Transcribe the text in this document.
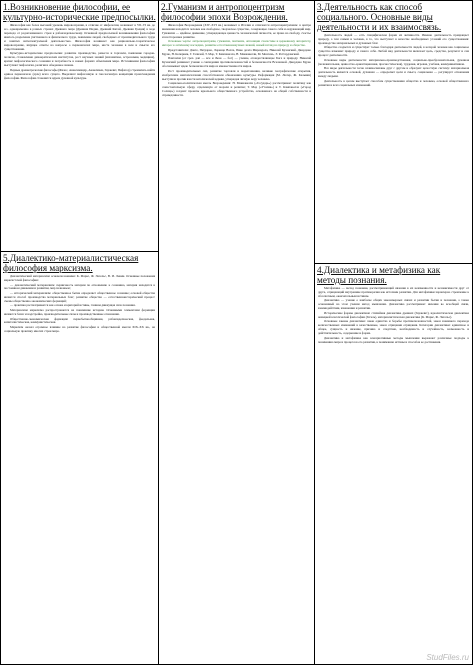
1.Возникновение философии, ее культурно-исторические предпосылки.

Философия как более высокий уровень мировоззрения, в отличие от мифологии, возникает в VII–VI вв. до н.э. одновременно в разных странах Древнего мира (Древняя Индия, Древний Китай, Древняя Греция) в ходе перехода от родоплеменного строя к рабовладельческому. Основной предпосылкой возникновения философии явилось разделение умственного и физического труда, появление людей, свободных от производительного труда и занятых интеллектуальной деятельностью. Философия возникает как рационально-теоретическое мировоззрение, ищущее ответы на вопросы о первоначалах мира, месте человека в нем и смысле его существования.

Культурно-исторические предпосылки: развитие производства, ремесла и торговли, появление городов-полисов, становление демократических институтов, рост научных знаний (математика, астрономия, медицина), кризис мифологического сознания и потребность в новых формах объяснения мира. Источниками философии выступают мифология, религия и обыденное знание.

Первые древнегреческие философы (Фалес, Анаксимандр, Анаксимен, Гераклит, Пифагор) стремились найти единое первоначало (архе) всего сущего. Выделяют мифогенную и гносеогенную концепции происхождения философии. Философия становится ядром духовной культуры.

5.Диалектико-материалистическая философия марксизма.

Диалектический материализм основоположники: К. Маркс, Ф. Энгельс, В. И. Ленин. Основные положения марксистской философии:

— диалектический материализм: первичность материи по отношению к сознанию, материя находится в постоянном движении и развитии, мир познаваем;

— исторический материализм: общественное бытие определяет общественное сознание; основой общества является способ производства материальных благ; развитие общества — естественноисторический процесс смены общественно-экономических формаций;

— практика рассматривается как основа и критерий истины, главная движущая сила познания.

Материализм марксизма распространяется на понимание истории. Основными элементами формации являются базис и надстройка, производительные силы и производственные отношения.

Общественно-экономические формации: первобытнообщинная, рабовладельческая, феодальная, капиталистическая, коммунистическая.

Марксизм оказал огромное влияние на развитие философии и общественной мысли XIX–XX вв., на социальную практику многих стран мира.

2.Гуманизм и антропоцентризм философии эпохи Возрождения.

Философия Возрождения (XIV–XVI вв.) возникает в Италии и отличается антропоцентризмом: в центре внимания находится человек как свободное, творческое существо, созидающее самого себя и окружающий мир. Гуманизм — идейное движение, утверждающее ценность человеческой личности, ее право на свободу, счастье и всестороннее развитие.

Основные черты: антропоцентризм, гуманизм, пантеизм, оппозиция схоластике и церковному авторитету, интерес к античному наследию, развитие естественнонаучных знаний, новый взгляд на природу и общество.

Представители: Данте, Петрарка, Лоренцо Валла, Пико делла Мирандола, Николай Кузанский, Джордано Бруно, Н. Коперник, Г. Галилей, Т. Мор, Т. Кампанелла, Н. Макиавелли, М. Монтень, Э. Роттердамский.

Пантеизм (от греч. pan — все и theos — бог) — учение, отождествляющее Бога и природу. Николай Кузанский развивает учение о совпадении противоположностей и бесконечности Вселенной. Джордано Бруно обосновывает идею бесконечности мира и множественности миров.

Рост производительных сил, развитие торговли и мореплавания, великие географические открытия, изобретение книгопечатания способствовали обновлению культуры. Реформация (М. Лютер, Ж. Кальвин) выступила против власти католической церкви, утверждая личную веру человека.

Социально-политическая мысль Возрождения: Н. Макиавелли («Государь») рассматривает политику как самостоятельную сферу, отделенную от морали и религии; Т. Мор («Утопия») и Т. Кампанелла («Город Солнца») создают проекты идеального общественного устройства, основанного на общей собственности и справедливости.

3.Деятельность как способ социального. Основные виды деятельности и их взаимосвязь.

Деятельность людей — есть специфическая форма их активности. Именно деятельность превращает природу, а тем самым и человек, в то, что выступает в качестве необходимых условий его существования: производство материальных и духовных благ.

Общество создается и существует только благодаря деятельности людей, в которой человек как социальное существо изменяет природу и самого себя. Любой вид деятельности включает цель, средства, результат и сам процесс деятельности.

Основные виды деятельности: материально-производственная, социально-преобразовательная, духовная (познавательная, ценностно-ориентационная, прогностическая), трудовая, игровая, учебная, коммуникативная.

Все виды деятельности тесно взаимосвязаны друг с другом и образуют целостную систему: материальная деятельность является основой, духовная — определяет цели и смысл, социальная — регулирует отношения между людьми.

Деятельность в целом выступает способом существования общества и человека, основой общественного развития и всех социальных изменений.

4.Диалектика и метафизика как методы познания.

Метафизика — метод познания, рассматривающий явления в их неизменности и независимости друг от друга, отрицающий внутренние противоречия как источник развития. Для метафизики характерно стремление к абсолютным, окончательным истинам.

Диалектика — учение о наиболее общих закономерных связях и развитии бытия и познания, а также основанный на этом учении метод мышления. Диалектика рассматривает явления во всеобщей связи, взаимодействии, изменении и развитии.

Исторические формы диалектики: стихийная диалектика древних (Гераклит), идеалистическая диалектика немецкой классической философии (Гегель), материалистическая диалектика (К. Маркс, Ф. Энгельс).

Основные законы диалектики: закон единства и борьбы противоположностей, закон взаимного перехода количественных изменений в качественные, закон отрицания отрицания. Категории диалектики: единичное и общее, сущность и явление, причина и следствие, необходимость и случайность, возможность и действительность, содержание и форма.

Диалектика и метафизика как альтернативные методы мышления выражают различные подходы к пониманию мира и процессов его развития, к пониманию истины и способов ее достижения.

StudFiles.ru
